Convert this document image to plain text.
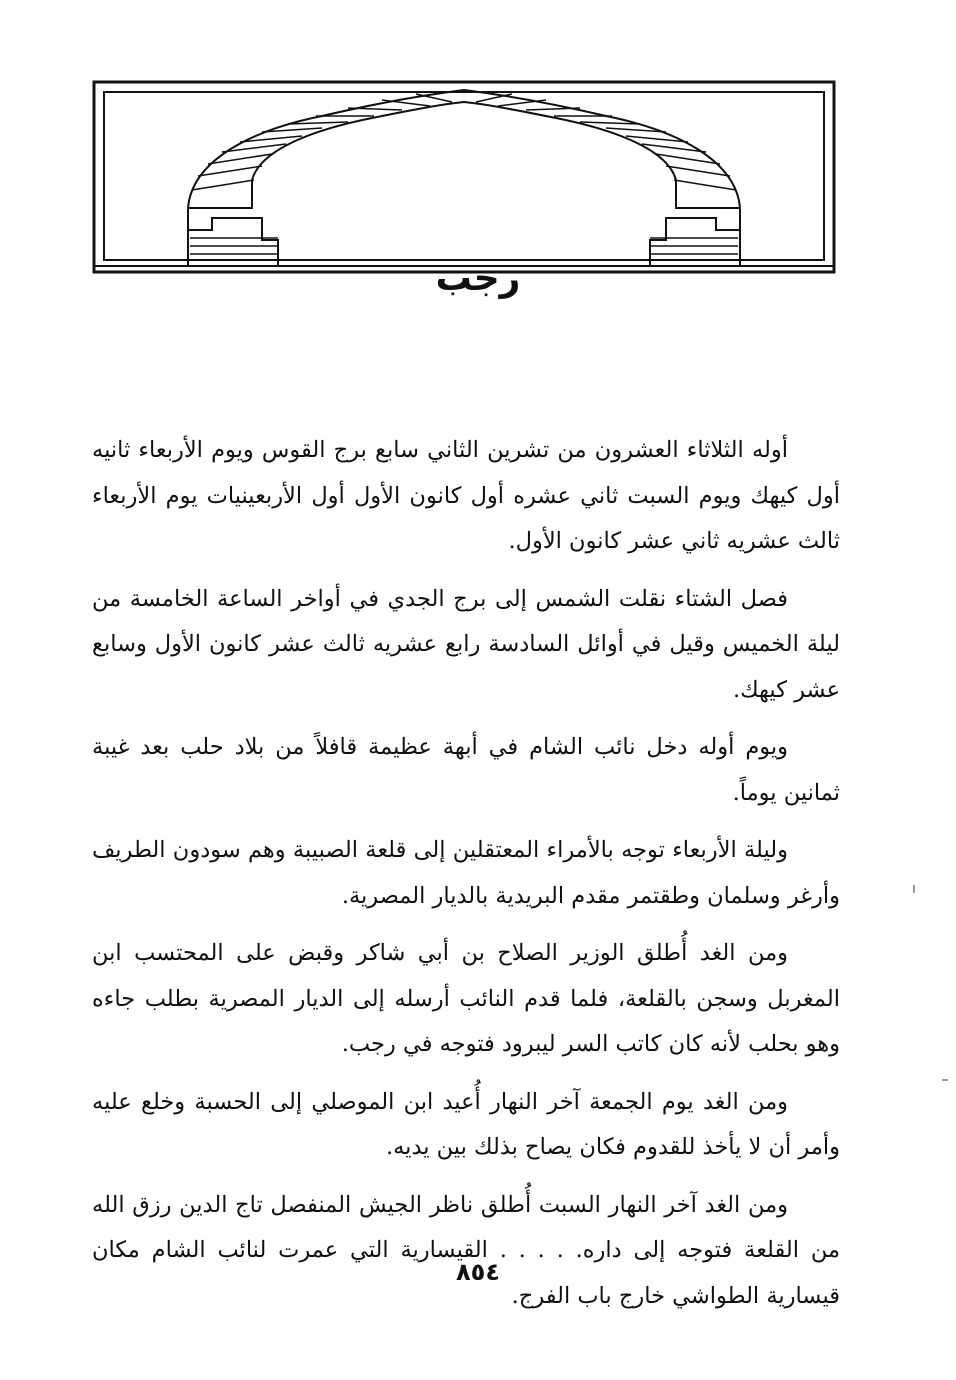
رجب

أوله الثلاثاء العشرون من تشرين الثاني سابع برج القوس ويوم الأربعاء ثانيه أول كيهك ويوم السبت ثاني عشره أول كانون الأول أول الأربعينيات يوم الأربعاء ثالث عشريه ثاني عشر كانون الأول.

فصل الشتاء نقلت الشمس إلى برج الجدي في أواخر الساعة الخامسة من ليلة الخميس وقيل في أوائل السادسة رابع عشريه ثالث عشر كانون الأول وسابع عشر كيهك.

ويوم أوله دخل نائب الشام في أبهة عظيمة قافلاً من بلاد حلب بعد غيبة ثمانين يوماً.

وليلة الأربعاء توجه بالأمراء المعتقلين إلى قلعة الصبيبة وهم سودون الطريف وأرغر وسلمان وطقتمر مقدم البريدية بالديار المصرية.

ومن الغد أُطلق الوزير الصلاح بن أبي شاكر وقبض على المحتسب ابن المغربل وسجن بالقلعة، فلما قدم النائب أرسله إلى الديار المصرية بطلب جاءه وهو بحلب لأنه كان كاتب السر ليبرود فتوجه في رجب.

ومن الغد يوم الجمعة آخر النهار أُعيد ابن الموصلي إلى الحسبة وخلع عليه وأمر أن لا يأخذ للقدوم فكان يصاح بذلك بين يديه.

ومن الغد آخر النهار السبت أُطلق ناظر الجيش المنفصل تاج الدين رزق الله من القلعة فتوجه إلى داره. . . . . القيسارية التي عمرت لنائب الشام مكان قيسارية الطواشي خارج باب الفرج.

٨٥٤
